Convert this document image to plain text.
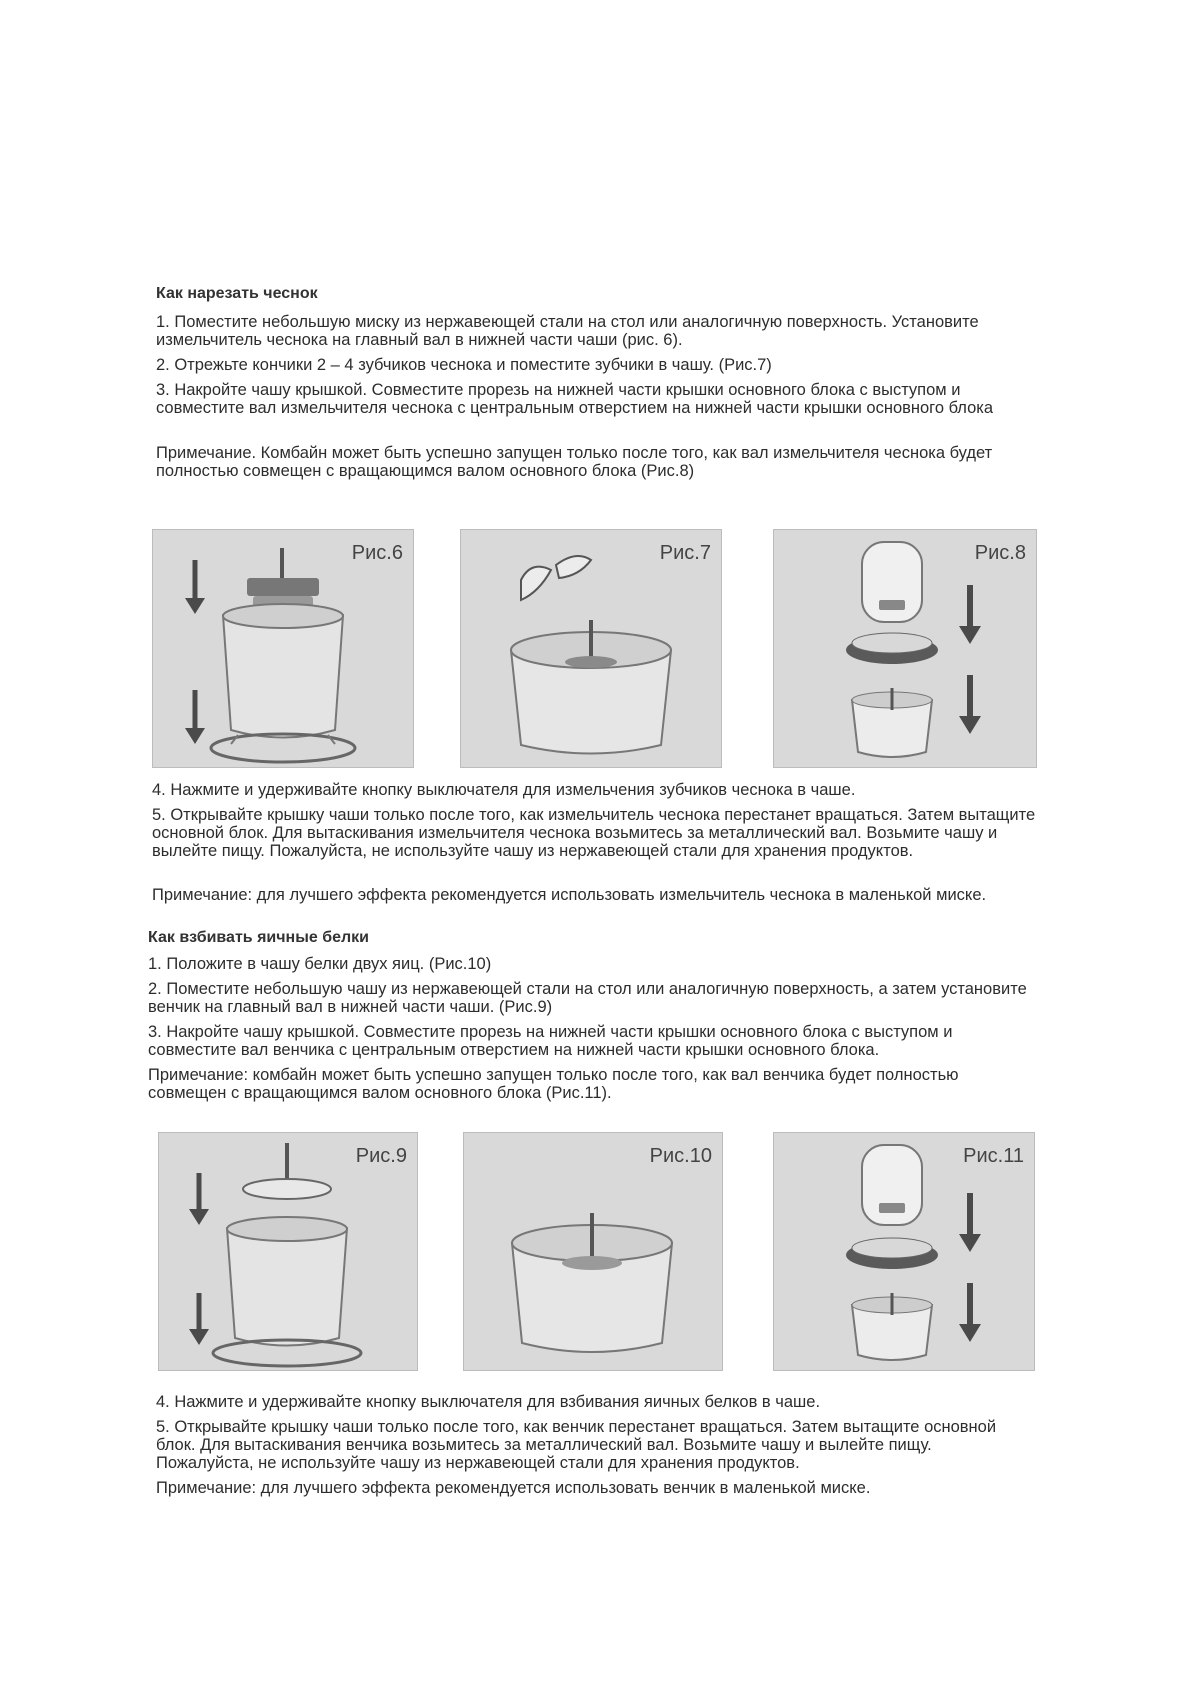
Как нарезать чеснок
1. Поместите небольшую миску из нержавеющей стали на стол или аналогичную поверхность. Установите измельчитель чеснока на главный вал в нижней части чаши (рис. 6).
2. Отрежьте кончики 2 – 4 зубчиков чеснока и поместите зубчики в чашу. (Рис.7)
3. Накройте чашу крышкой. Совместите прорезь на нижней части крышки основного блока с выступом и совместите вал измельчителя чеснока с центральным отверстием на нижней части крышки основного блока
Примечание. Комбайн может быть успешно запущен только после того, как вал измельчителя чеснока будет полностью совмещен с вращающимся валом основного блока (Рис.8)
Рис.6	Рис.7	Рис.8
4. Нажмите и удерживайте кнопку выключателя для измельчения зубчиков чеснока в чаше.
5. Открывайте крышку чаши только после того, как измельчитель чеснока перестанет вращаться. Затем вытащите основной блок. Для вытаскивания измельчителя чеснока возьмитесь за металлический вал. Возьмите чашу и вылейте пищу. Пожалуйста, не используйте чашу из нержавеющей стали для хранения продуктов.
Примечание: для лучшего эффекта рекомендуется использовать измельчитель чеснока в маленькой миске.
Как взбивать яичные белки
1. Положите в чашу белки двух яиц. (Рис.10)
2. Поместите небольшую чашу из нержавеющей стали на стол или аналогичную поверхность, а затем установите венчик на главный вал в нижней части чаши. (Рис.9)
3. Накройте чашу крышкой. Совместите прорезь на нижней части крышки основного блока с выступом и совместите вал венчика с центральным отверстием на нижней части крышки основного блока.
Примечание: комбайн может быть успешно запущен только после того, как вал венчика будет полностью совмещен с вращающимся валом основного блока (Рис.11).
Рис.9	Рис.10	Рис.11
4. Нажмите и удерживайте кнопку выключателя для взбивания яичных белков в чаше.
5. Открывайте крышку чаши только после того, как венчик перестанет вращаться. Затем вытащите основной блок. Для вытаскивания венчика возьмитесь за металлический вал. Возьмите чашу и вылейте пищу. Пожалуйста, не используйте чашу из нержавеющей стали для хранения продуктов.
Примечание: для лучшего эффекта рекомендуется использовать венчик в маленькой миске.
